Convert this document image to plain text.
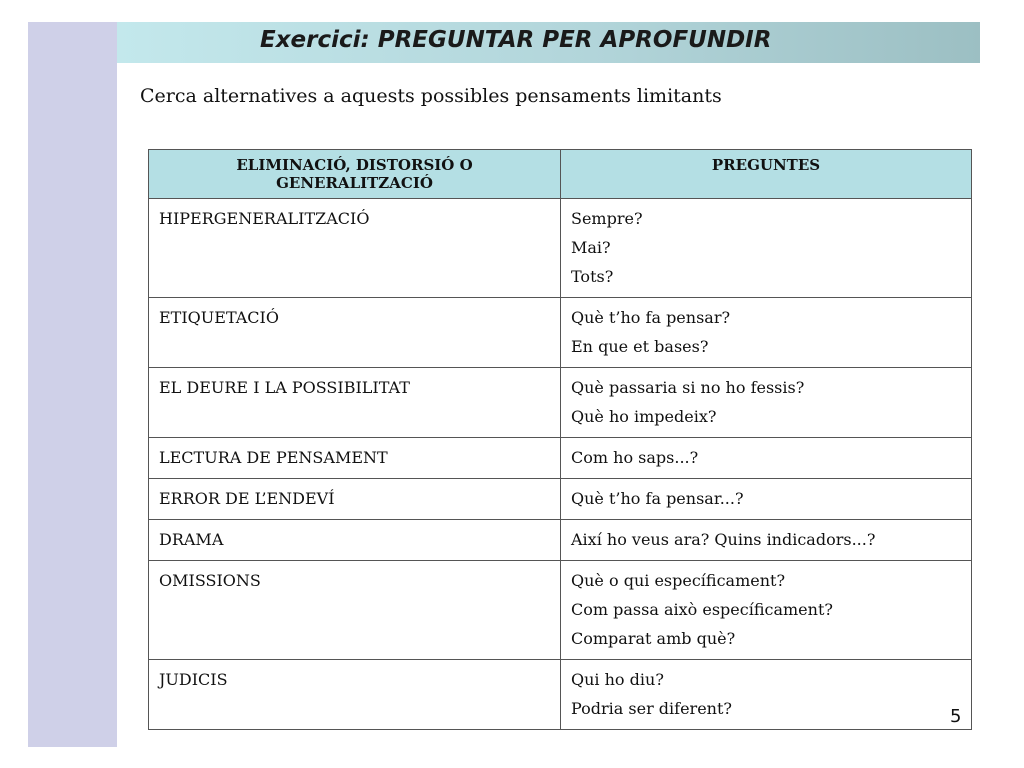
Exercici: PREGUNTAR PER APROFUNDIR
Cerca alternatives a aquests possibles pensaments limitants
ELIMINACIÓ, DISTORSIÓ O GENERALITZACIÓ	PREGUNTES
HIPERGENERALITZACIÓ	Sempre?
Mai?
Tots?

ETIQUETACIÓ	Què t’ho fa pensar?
En que et bases?

EL DEURE I LA POSSIBILITAT	Què passaria si no ho fessis?
Què ho impedeix?

LECTURA DE PENSAMENT	Com ho saps...?

ERROR DE L’ENDEVÍ	Què t’ho fa pensar...?

DRAMA	Així ho veus ara? Quins indicadors...?

OMISSIONS	Què o qui específicament?
Com passa això específicament?
Comparat amb què?

JUDICIS	Qui ho diu?
Podria ser diferent?	5
